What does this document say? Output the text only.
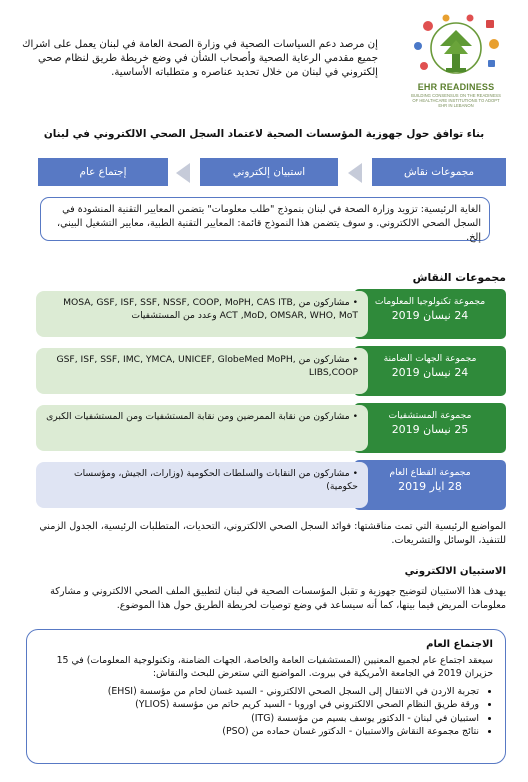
EHR READINESS
BUILDING CONSENSUS ON THE READINESS OF HEALTHCARE INSTITUTIONS TO ADOPT EHR IN LEBANON
إن مرصد دعم السياسات الصحية في وزارة الصحة العامة في لبنان يعمل على اشراك جميع مقدمي الرعاية الصحية وأصحاب الشأن في وضع خريطة طريق لنظام صحي إلكتروني في لبنان من خلال تحديد عناصره و متطلباته الأساسية.
بناء توافق حول جهوزية المؤسسات الصحية لاعتماد السجل الصحي الالكتروني في لبنان
مجموعات نقاش
استبيان إلكتروني
إجتماع عام
الغاية الرئيسية: تزويد وزارة الصحة في لبنان بنموذج "طلب معلومات" يتضمن المعايير التقنية المنشودة في السجل الصحي الالكتروني. و سوف يتضمن هذا النموذج قائمة: المعايير التقنية الطبية، معايير التشغيل البيني، إلخ.
مجموعات النقاش
مجموعة تكنولوجيا المعلومات
24 نيسان 2019
• مشاركون من MOSA, GSF, ISF, SSF, NSSF, COOP, MoPH, CAS ITB, ACT ,MoD, OMSAR, WHO, MoT وعدد من المستشفيات
مجموعة الجهات الضامنة
24 نيسان 2019
• مشاركون من GSF, ISF, SSF, IMC, YMCA, UNICEF, GlobeMed MoPH, LIBS,COOP
مجموعة المستشفيات
25 نيسان 2019
• مشاركون من نقابة الممرضين ومن نقابة المستشفيات ومن المستشفيات الكبرى
مجموعة القطاع العام
28 ايار 2019
• مشاركون من النقابات والسلطات الحكومية (وزارات، الجيش، ومؤسسات حكومية)
المواضيع الرئيسية التي تمت مناقشتها: فوائد السجل الصحي الالكتروني، التحديات، المتطلبات الرئيسية، الجدول الزمني للتنفيذ، الوسائل والتشريعات.
الاستبيان الالكتروني
يهدف هذا الاستبيان لتوضيح جهوزية و تقبل المؤسسات الصحية في لبنان لتطبيق الملف الصحي الالكتروني و مشاركة معلومات المريض فيما بينها، كما أنه سيساعد في وضع توصيات لخريطة الطريق حول هذا الموضوع.
الاجتماع العام
سيعقد اجتماع عام لجميع المعنيين (المستشفيات العامة والخاصة، الجهات الضامنة، وتكنولوجية المعلومات) في 15 حزيران 2019 في الجامعة الأمريكية في بيروت. المواضيع التي ستعرض للبحث والنقاش:
• تجربة الاردن في الانتقال إلى السجل الصحي الالكتروني - السيد غسان لحام من مؤسسة (EHSI)
• ورقة طريق النظام الصحي الالكتروني في اوروبا - السيد كريم حاتم من مؤسسة (YLIOS)
• استبيان في لبنان - الدكتور يوسف بسيم من مؤسسة (ITG)
• نتائج مجموعة النقاش والاستبيان - الدكتور غسان حماده من (PSO)
